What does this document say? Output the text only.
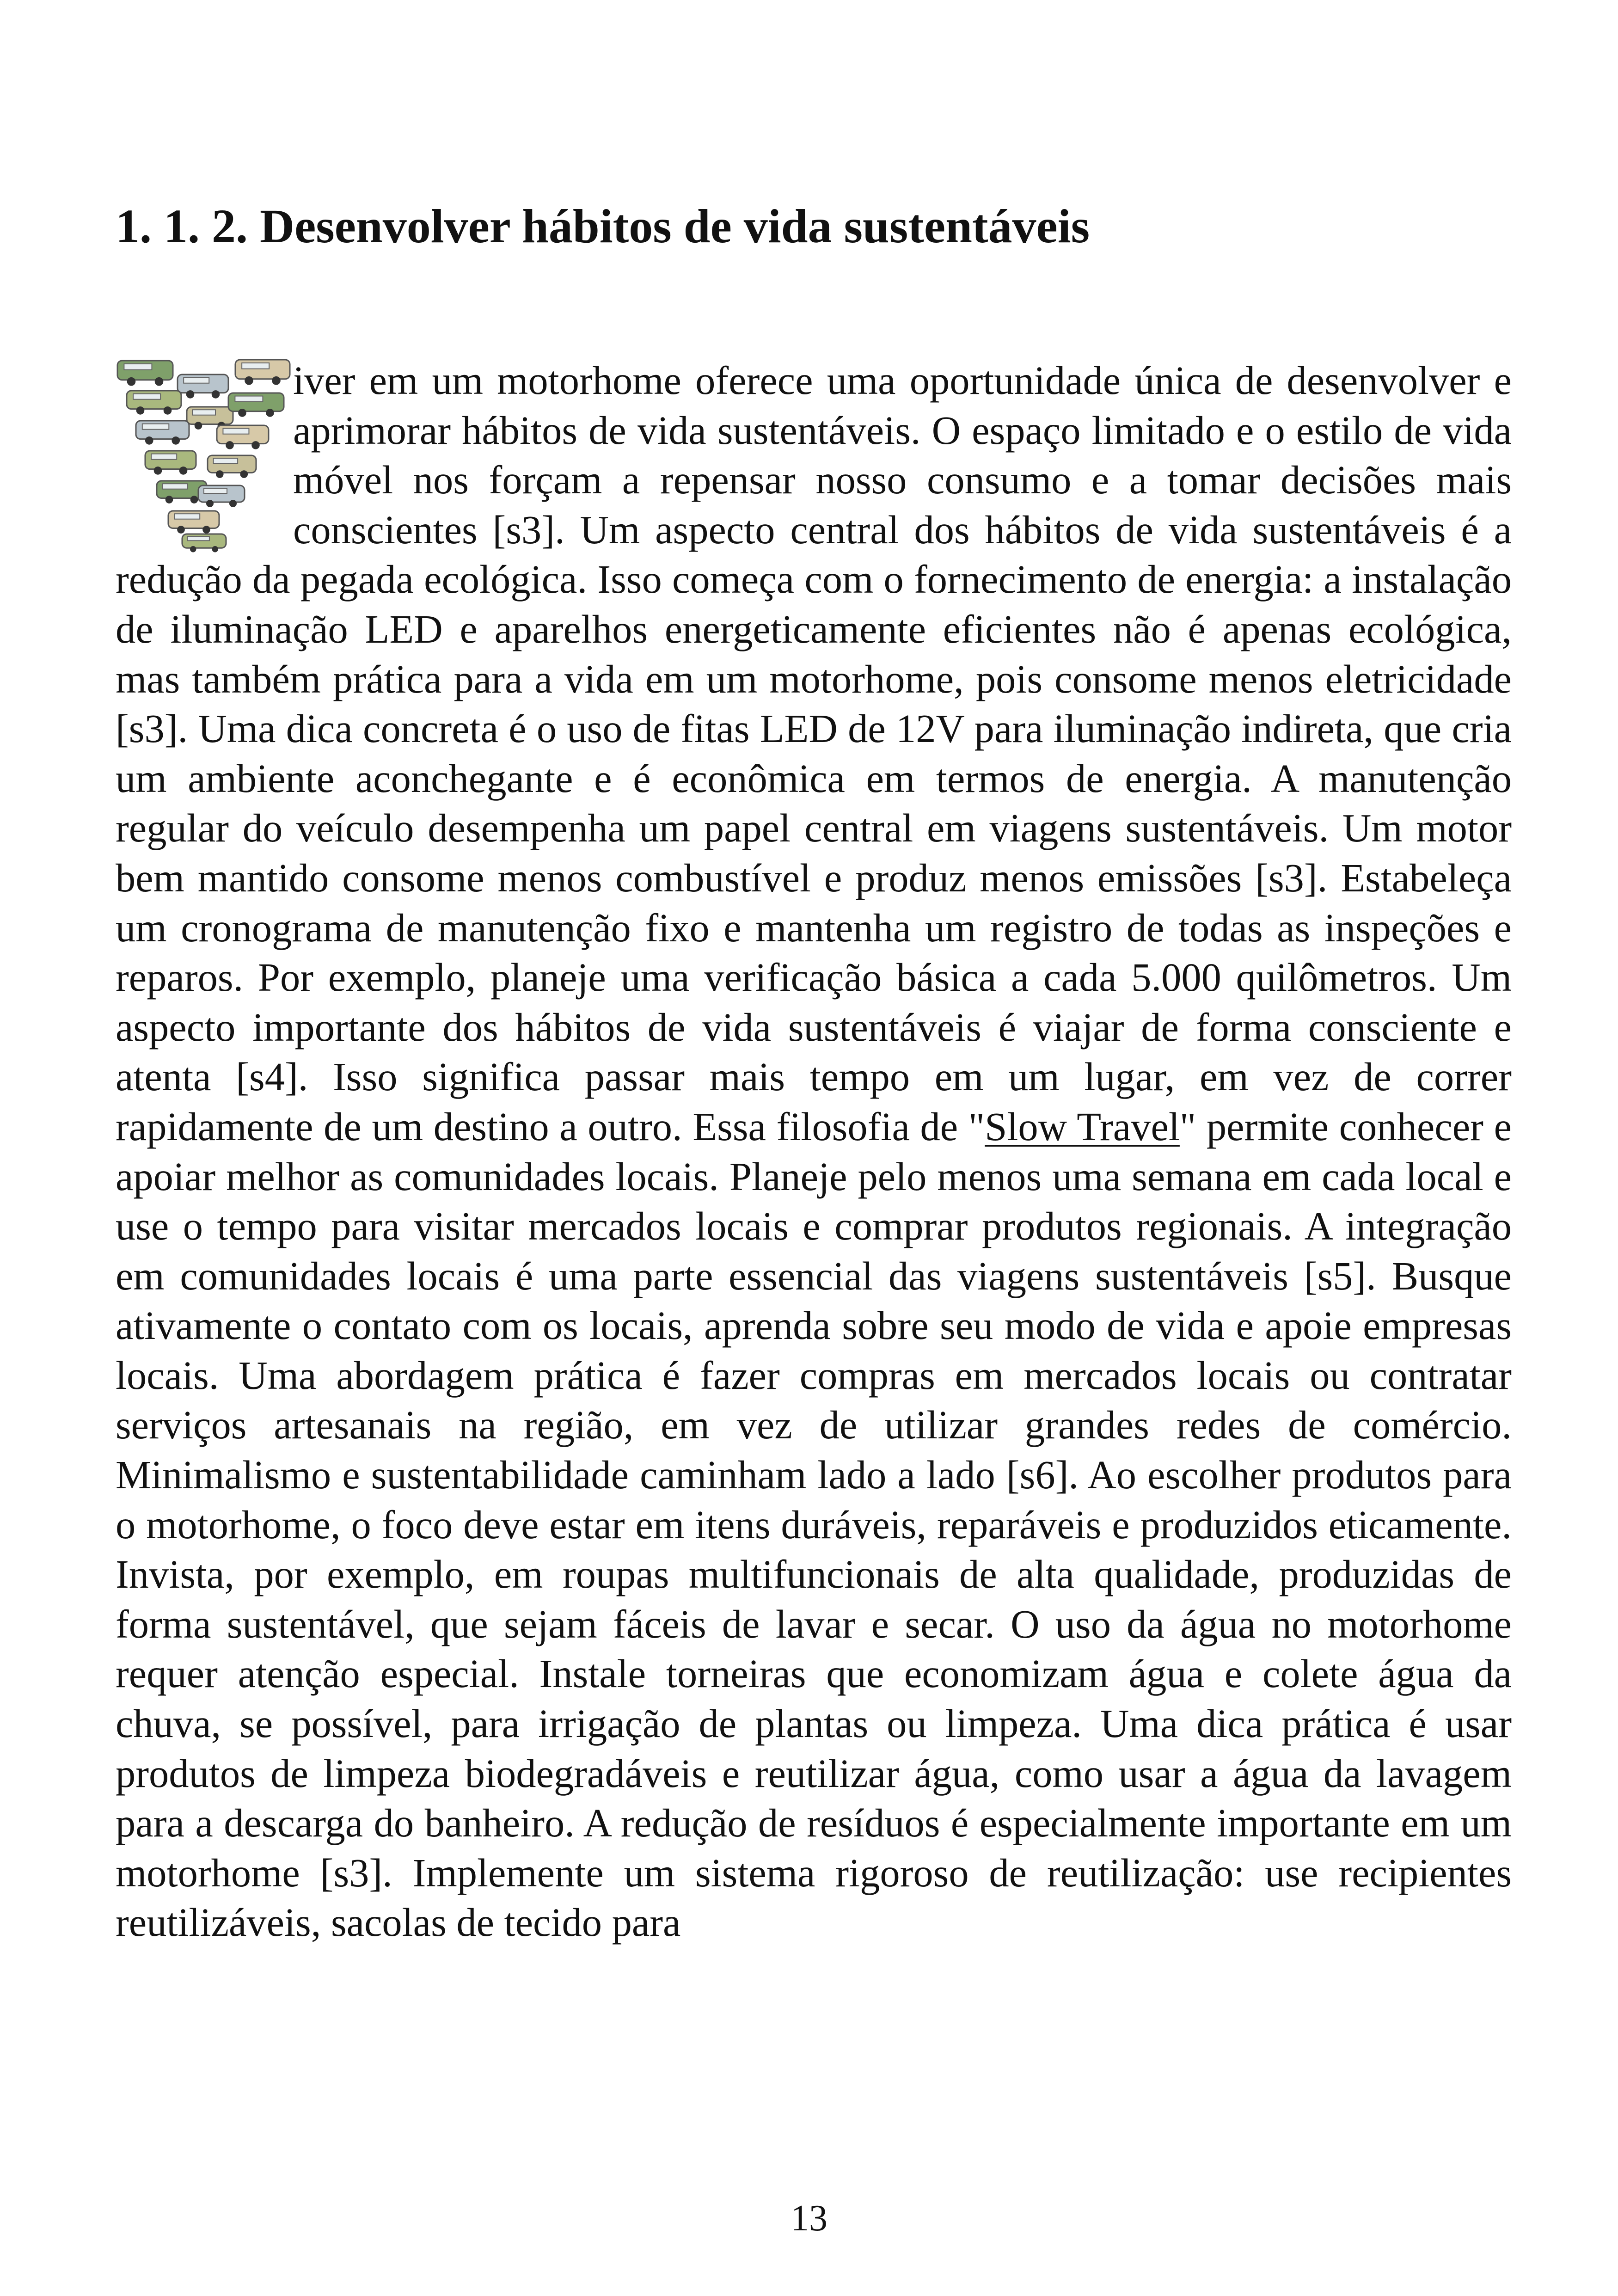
1. 1. 2. Desenvolver hábitos de vida sustentáveis
iver em um motorhome oferece uma oportunidade única de desenvolver e aprimorar hábitos de vida sustentáveis. O espaço limitado e o estilo de vida móvel nos forçam a repensar nosso consumo e a tomar decisões mais conscientes [s3]. Um aspecto central dos hábitos de vida sustentáveis é a redução da pegada ecológica. Isso começa com o fornecimento de energia: a instalação de iluminação LED e aparelhos energeticamente eficientes não é apenas ecológica, mas também prática para a vida em um motorhome, pois consome menos eletricidade [s3]. Uma dica concreta é o uso de fitas LED de 12V para iluminação indireta, que cria um ambiente aconchegante e é econômica em termos de energia. A manutenção regular do veículo desempenha um papel central em viagens sustentáveis. Um motor bem mantido consome menos combustível e produz menos emissões [s3]. Estabeleça um cronograma de manutenção fixo e mantenha um registro de todas as inspeções e reparos. Por exemplo, planeje uma verificação básica a cada 5.000 quilômetros. Um aspecto importante dos hábitos de vida sustentáveis é viajar de forma consciente e atenta [s4]. Isso significa passar mais tempo em um lugar, em vez de correr rapidamente de um destino a outro. Essa filosofia de "Slow Travel" permite conhecer e apoiar melhor as comunidades locais. Planeje pelo menos uma semana em cada local e use o tempo para visitar mercados locais e comprar produtos regionais. A integração em comunidades locais é uma parte essencial das viagens sustentáveis [s5]. Busque ativamente o contato com os locais, aprenda sobre seu modo de vida e apoie empresas locais. Uma abordagem prática é fazer compras em mercados locais ou contratar serviços artesanais na região, em vez de utilizar grandes redes de comércio. Minimalismo e sustentabilidade caminham lado a lado [s6]. Ao escolher produtos para o motorhome, o foco deve estar em itens duráveis, reparáveis e produzidos eticamente. Invista, por exemplo, em roupas multifuncionais de alta qualidade, produzidas de forma sustentável, que sejam fáceis de lavar e secar. O uso da água no motorhome requer atenção especial. Instale torneiras que economizam água e colete água da chuva, se possível, para irrigação de plantas ou limpeza. Uma dica prática é usar produtos de limpeza biodegradáveis e reutilizar água, como usar a água da lavagem para a descarga do banheiro. A redução de resíduos é especialmente importante em um motorhome [s3]. Implemente um sistema rigoroso de reutilização: use recipientes reutilizáveis, sacolas de tecido para
13
